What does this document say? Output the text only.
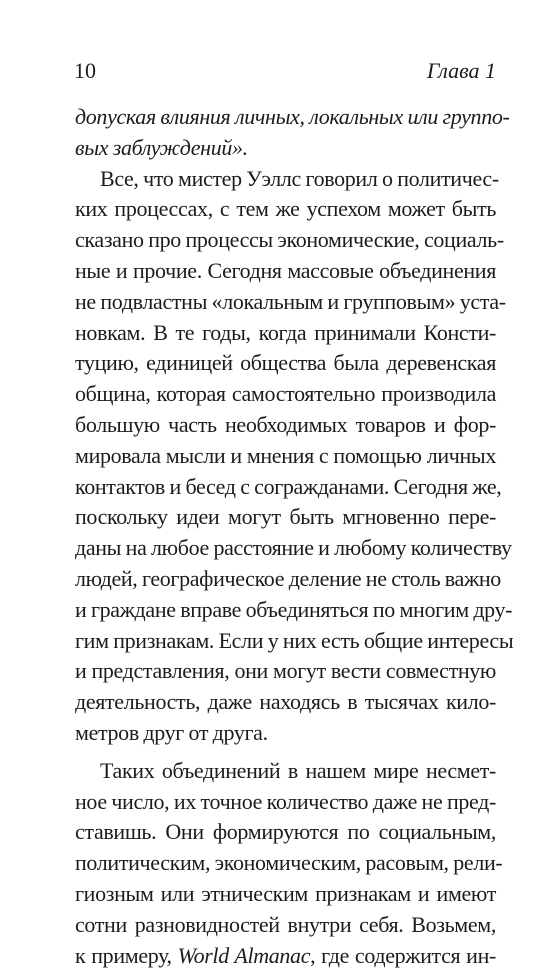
10	Глава 1
допуская влияния личных, локальных или группо-
вых заблуждений».
Все, что мистер Уэллс говорил о политичес-
ких процессах, с тем же успехом может быть
сказано про процессы экономические, социаль-
ные и прочие. Сегодня массовые объединения
не подвластны «локальным и групповым» уста-
новкам. В те годы, когда принимали Консти-
туцию, единицей общества была деревенская
община, которая самостоятельно производила
большую часть необходимых товаров и фор-
мировала мысли и мнения с помощью личных
контактов и бесед с согражданами. Сегодня же,
поскольку идеи могут быть мгновенно пере-
даны на любое расстояние и любому количеству
людей, географическое деление не столь важно
и граждане вправе объединяться по многим дру-
гим признакам. Если у них есть общие интересы
и представления, они могут вести совместную
деятельность, даже находясь в тысячах кило-
метров друг от друга.
Таких объединений в нашем мире несмет-
ное число, их точное количество даже не пред-
ставишь. Они формируются по социальным,
политическим, экономическим, расовым, рели-
гиозным или этническим признакам и имеют
сотни разновидностей внутри себя. Возьмем,
к примеру, World Almanac, где содержится ин-
